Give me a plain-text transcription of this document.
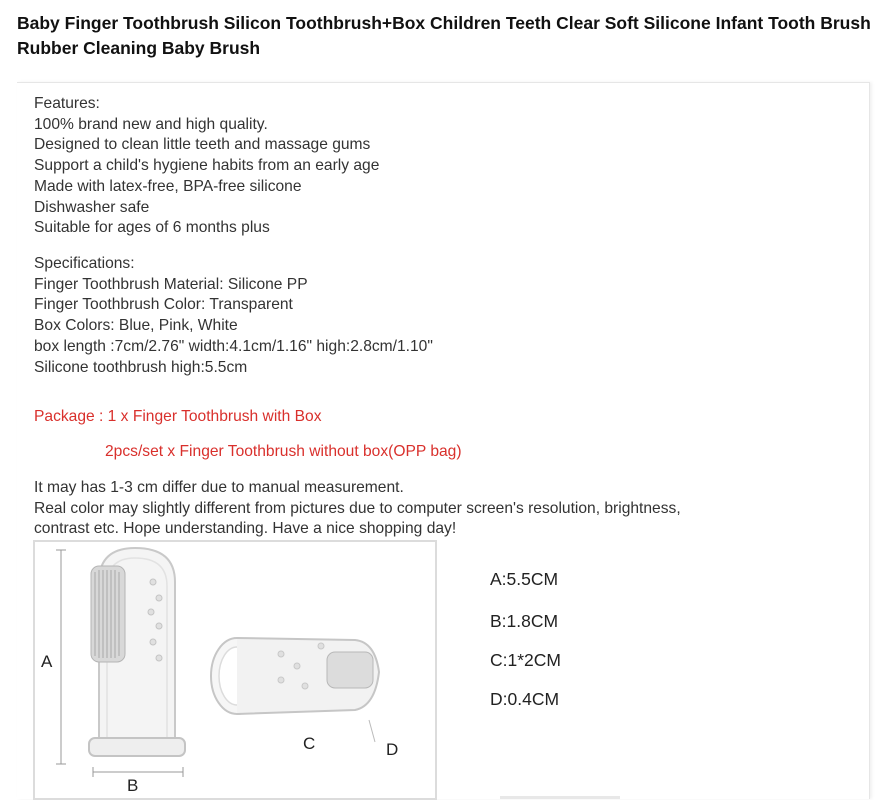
Baby Finger Toothbrush Silicon Toothbrush+Box Children Teeth Clear Soft Silicone Infant Tooth Brush Rubber Cleaning Baby Brush
Features:
100% brand new and high quality.
Designed to clean little teeth and massage gums
Support a child's hygiene habits from an early age
Made with latex-free, BPA-free silicone
Dishwasher safe
Suitable for ages of 6 months plus
Specifications:
Finger Toothbrush Material: Silicone PP
Finger Toothbrush Color: Transparent
Box Colors: Blue, Pink, White
box length :7cm/2.76" width:4.1cm/1.16" high:2.8cm/1.10"
Silicone toothbrush high:5.5cm
Package : 1 x Finger Toothbrush with Box
2pcs/set x Finger Toothbrush without box(OPP bag)
It may has 1-3 cm differ due to manual measurement.
Real color may slightly different from pictures due to computer screen's resolution, brightness,
contrast etc. Hope understanding. Have a nice shopping day!
A
B
C	D
A:5.5CM
B:1.8CM
C:1*2CM
D:0.4CM
